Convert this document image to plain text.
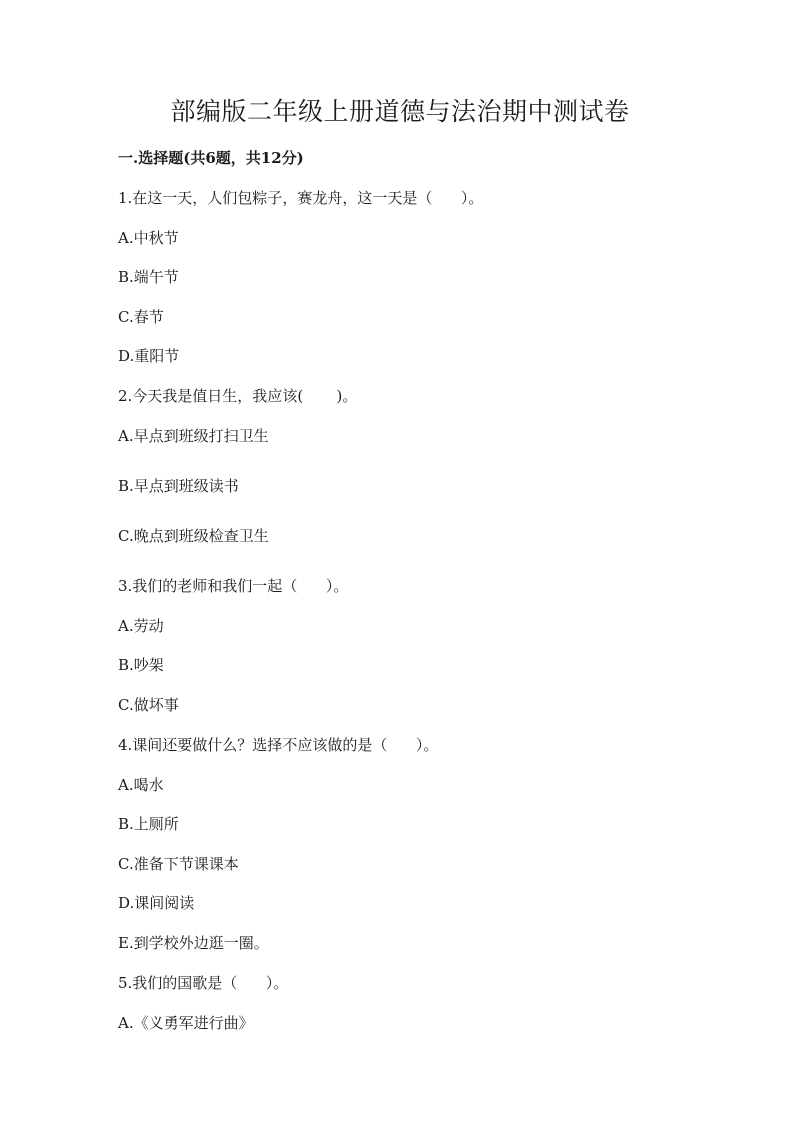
部编版二年级上册道德与法治期中测试卷
一.选择题(共6题，共12分)
1.在这一天，人们包粽子，赛龙舟，这一天是（      ）。
A.中秋节
B.端午节
C.春节
D.重阳节
2.今天我是值日生，我应该(       )。
A.早点到班级打扫卫生
B.早点到班级读书
C.晚点到班级检查卫生
3.我们的老师和我们一起（      ）。
A.劳动
B.吵架
C.做坏事
4.课间还要做什么？选择不应该做的是（      ）。
A.喝水
B.上厕所
C.准备下节课课本
D.课间阅读
E.到学校外边逛一圈。
5.我们的国歌是（      ）。
A.《义勇军进行曲》
